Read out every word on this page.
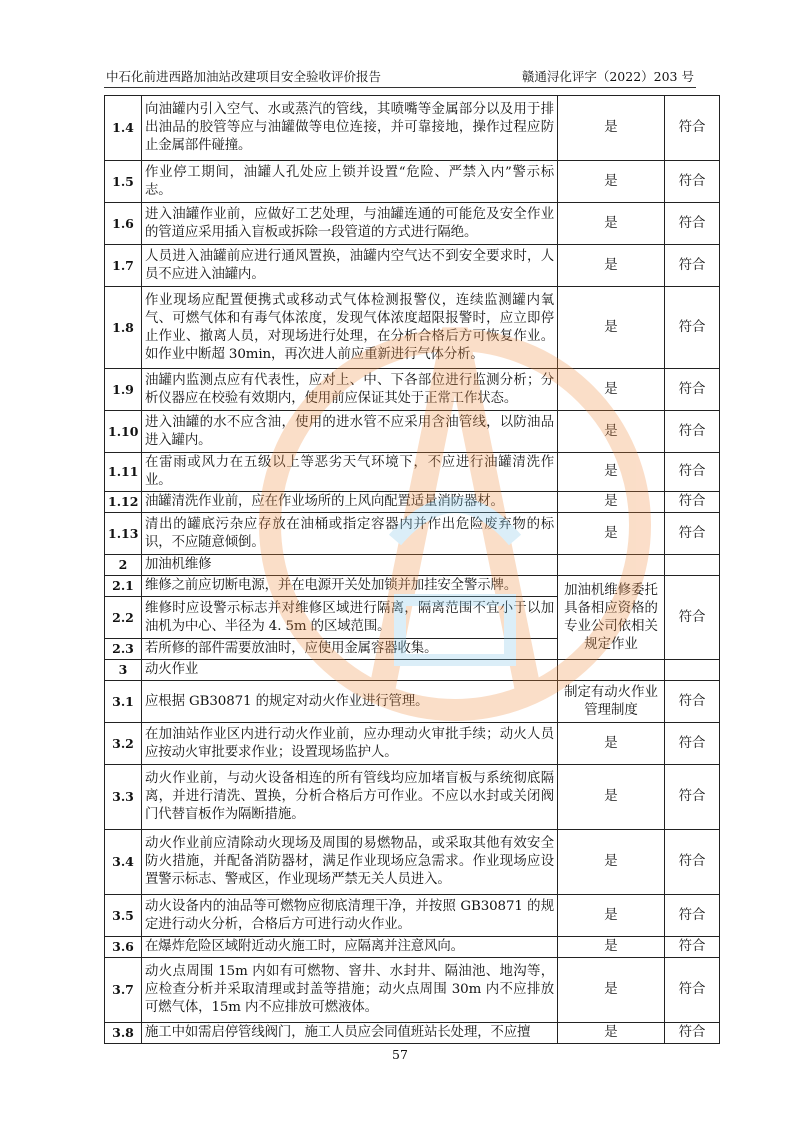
中石化前进西路加油站改建项目安全验收评价报告	赣通浔化评字（2022）203 号
1.4	向油罐内引入空气、水或蒸汽的管线，其喷嘴等金属部分以及用于排出油品的胶管等应与油罐做等电位连接，并可靠接地，操作过程应防止金属部件碰撞。	是	符合
1.5	作业停工期间，油罐人孔处应上锁并设置“危险、严禁入内”警示标志。	是	符合
1.6	进入油罐作业前，应做好工艺处理，与油罐连通的可能危及安全作业的管道应采用插入盲板或拆除一段管道的方式进行隔绝。	是	符合
1.7	人员进入油罐前应进行通风置换，油罐内空气达不到安全要求时，人员不应进入油罐内。	是	符合
1.8	作业现场应配置便携式或移动式气体检测报警仪，连续监测罐内氧气、可燃气体和有毒气体浓度，发现气体浓度超限报警时，应立即停止作业、撤离人员，对现场进行处理，在分析合格后方可恢复作业。如作业中断超 30min，再次进人前应重新进行气体分析。	是	符合
1.9	油罐内监测点应有代表性，应对上、中、下各部位进行监测分析；分析仪器应在校验有效期内，使用前应保证其处于正常工作状态。	是	符合
1.10	进入油罐的水不应含油，使用的进水管不应采用含油管线，以防油品进入罐内。	是	符合
1.11	在雷雨或风力在五级以上等恶劣天气环境下，不应进行油罐清洗作业。	是	符合
1.12	油罐清洗作业前，应在作业场所的上风向配置适量消防器材。	是	符合
1.13	清出的罐底污杂应存放在油桶或指定容器内并作出危险废弃物的标识，不应随意倾倒。	是	符合
2	加油机维修		
2.1	维修之前应切断电源，并在电源开关处加锁并加挂安全警示牌。	加油机维修委托具备相应资格的专业公司依相关规定作业	符合
2.2	维修时应设警示标志并对维修区域进行隔离，隔离范围不宜小于以加油机为中心、半径为 4. 5m 的区域范围。		
2.3	若所修的部件需要放油时，应使用金属容器收集。		
3	动火作业		
3.1	应根据 GB30871 的规定对动火作业进行管理。	制定有动火作业管理制度	符合
3.2	在加油站作业区内进行动火作业前，应办理动火审批手续；动火人员应按动火审批要求作业；设置现场监护人。	是	符合
3.3	动火作业前，与动火设备相连的所有管线均应加堵盲板与系统彻底隔离，并进行清洗、置换，分析合格后方可作业。不应以水封或关闭阀门代替盲板作为隔断措施。	是	符合
3.4	动火作业前应清除动火现场及周围的易燃物品，或采取其他有效安全防火措施，并配备消防器材，满足作业现场应急需求。作业现场应设置警示标志、警戒区，作业现场严禁无关人员进入。	是	符合
3.5	动火设备内的油品等可燃物应彻底清理干净，并按照 GB30871 的规定进行动火分析，合格后方可进行动火作业。	是	符合
3.6	在爆炸危险区域附近动火施工时，应隔离并注意风向。	是	符合
3.7	动火点周围 15m 内如有可燃物、窨井、水封井、隔油池、地沟等，应检查分析并采取清理或封盖等措施；动火点周围 30m 内不应排放可燃气体，15m 内不应排放可燃液体。	是	符合
3.8	施工中如需启停管线阀门，施工人员应会同值班站长处理，不应擅	是	符合
57
